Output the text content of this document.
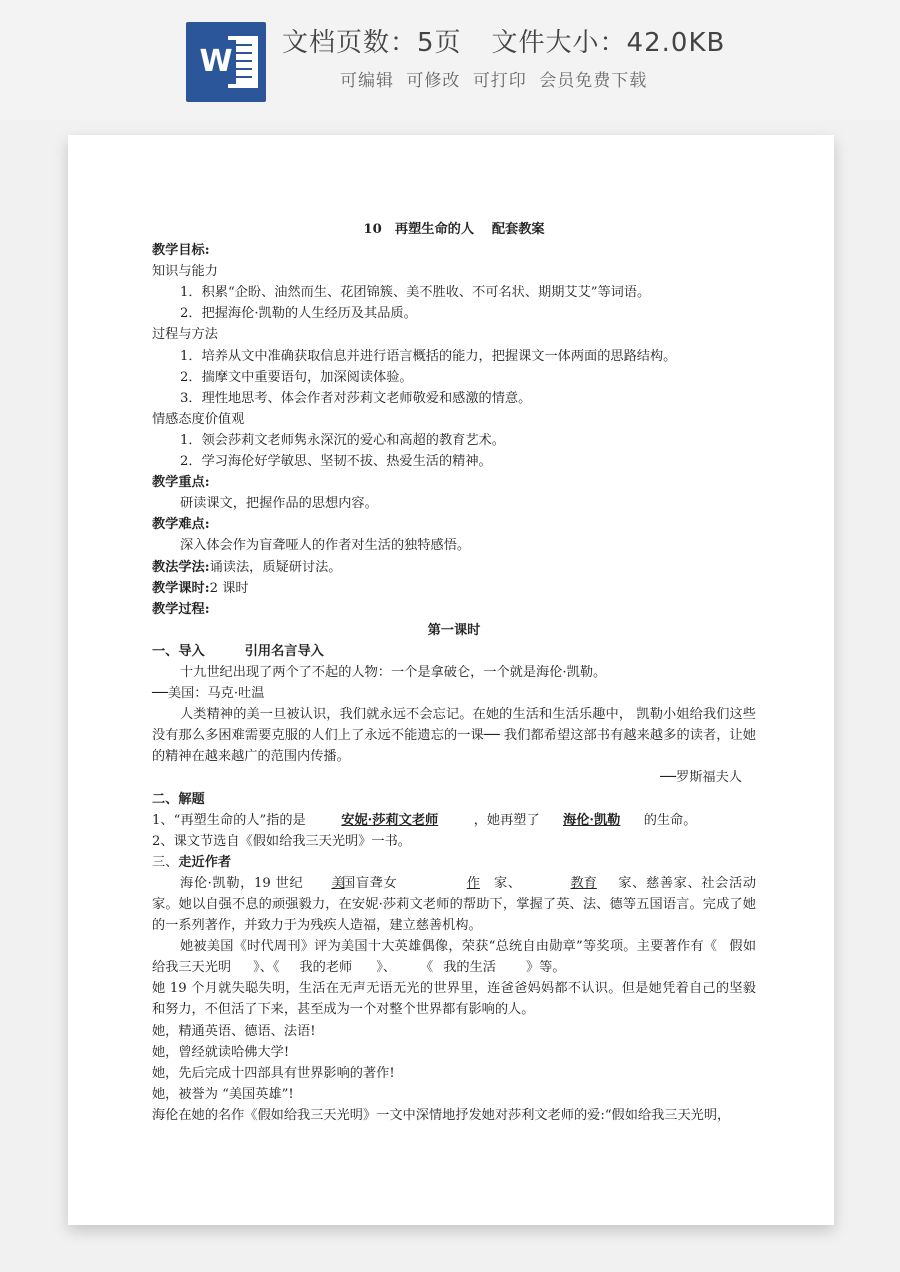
W
文档页数：5页 文件大小：42.0KB
可编辑 可修改 可打印 会员免费下载

10　再塑生命的人　 配套教案

教学目标:

知识与能力

1．积累“企盼、油然而生、花团锦簇、美不胜收、不可名状、期期艾艾”等词语。

2．把握海伦·凯勒的人生经历及其品质。

过程与方法

1．培养从文中准确获取信息并进行语言概括的能力，把握课文一体两面的思路结构。

2．揣摩文中重要语句，加深阅读体验。

3．理性地思考、体会作者对莎莉文老师敬爱和感激的情意。

情感态度价值观

1．领会莎莉文老师隽永深沉的爱心和高超的教育艺术。

2．学习海伦好学敏思、坚韧不拔、热爱生活的精神。

教学重点:

研读课文，把握作品的思想内容。

教学难点:

深入体会作为盲聋哑人的作者对生活的独特感悟。

教法学法:诵读法，质疑研讨法。

教学课时:2 课时

教学过程:

第一课时

一、导入	引用名言导入

十九世纪出现了两个了不起的人物：一个是拿破仑，一个就是海伦·凯勒。

──美国：马克·吐温

人类精神的美一旦被认识，我们就永远不会忘记。在她的生活和生活乐趣中， 凯勒小姐给我们这些没有那么多困难需要克服的人们上了永远不能遗忘的一课── 我们都希望这部书有越来越多的读者，让她的精神在越来越广的范围内传播。

──罗斯福夫人

二、解题

1、“再塑生命的人”指的是	安妮·莎莉文老师	，她再塑了 海伦·凯勒 的生命。

2、课文节选自《假如给我三天光明》一书。

三、走近作者

海伦·凯勒，19 世纪 美国盲聋女	作 家、	教育 家、慈善家、社会活动家。她以自强不息的顽强毅力，在安妮·莎莉文老师的帮助下，掌握了英、法、德等五国语言。完成了她的一系列著作，并致力于为残疾人造福，建立慈善机构。

她被美国《时代周刊》评为美国十大英雄偶像，荣获“总统自由勋章”等奖项。主要著作有《 假如给我三天光明 》、《 我的老师 》、 《 我的生活 》等。

她 19 个月就失聪失明，生活在无声无语无光的世界里，连爸爸妈妈都不认识。但是她凭着自己的坚毅和努力，不但活了下来，甚至成为一个对整个世界都有影响的人。

她，精通英语、德语、法语!

她，曾经就读哈佛大学!

她，先后完成十四部具有世界影响的著作!

她，被誉为 “美国英雄”!

海伦在她的名作《假如给我三天光明》一文中深情地抒发她对莎利文老师的爱:“假如给我三天光明，
